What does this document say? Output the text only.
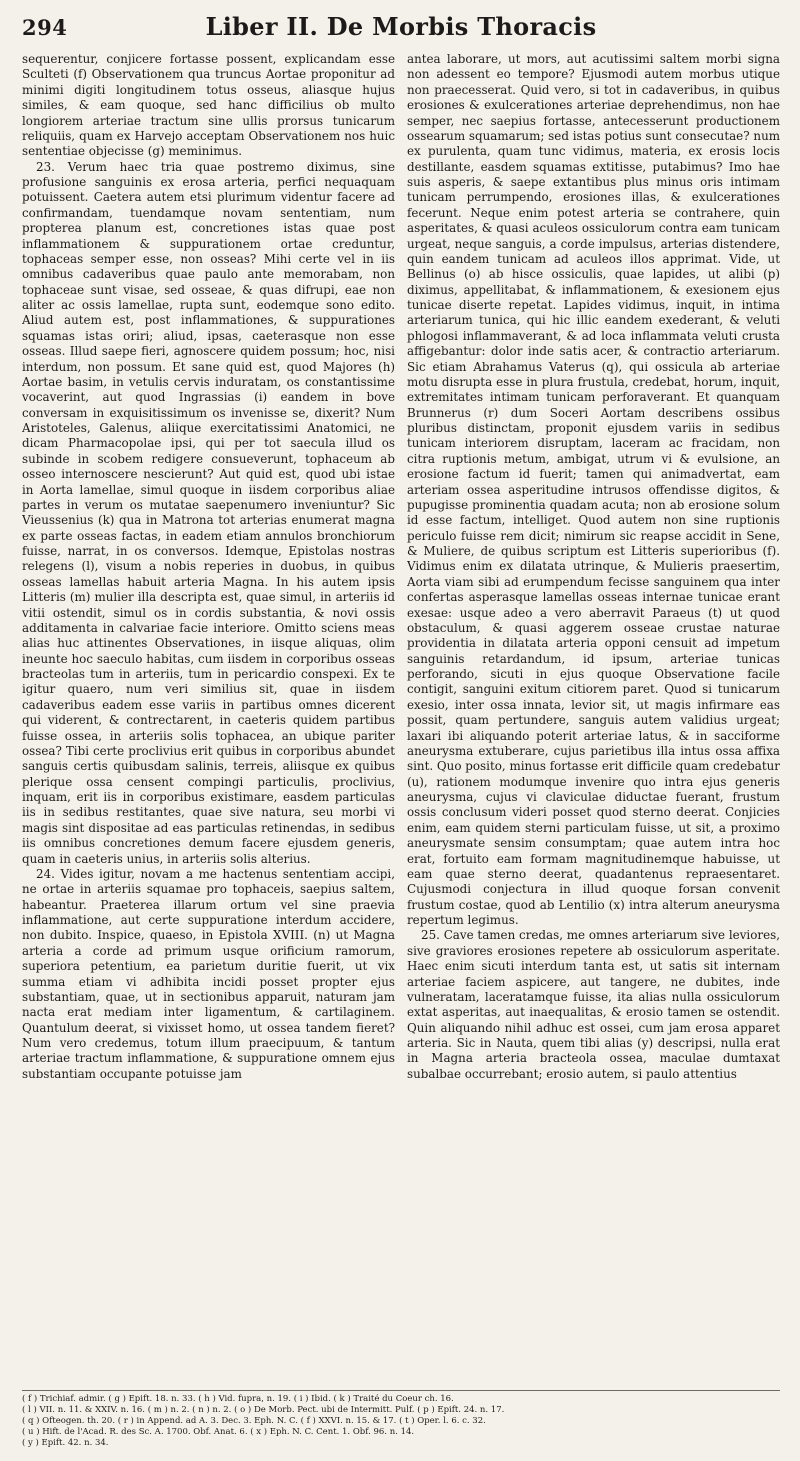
294	Liber II. De Morbis Thoracis

sequerentur, conjicere fortasse possent, explicandam esse Sculteti (f) Observationem qua truncus Aortae proponitur ad minimi digiti longitudinem totus osseus, aliasque hujus similes, & eam quoque, sed hanc difficilius ob multo longiorem arteriae tractum sine ullis prorsus tunicarum reliquiis, quam ex Harvejo acceptam Observationem nos huic sententiae objecisse (g) meminimus.

23. Verum haec tria quae postremo diximus, sine profusione sanguinis ex erosa arteria, perfici nequaquam potuissent. Caetera autem etsi plurimum videntur facere ad confirmandam, tuendamque novam sententiam, num propterea planum est, concretiones istas quae post inflammationem & suppurationem ortae creduntur, tophaceas semper esse, non osseas? Mihi certe vel in iis omnibus cadaveribus quae paulo ante memorabam, non tophaceae sunt visae, sed osseae, & quas difrupi, eae non aliter ac ossis lamellae, rupta sunt, eodemque sono edito. Aliud autem est, post inflammationes, & suppurationes squamas istas oriri; aliud, ipsas, caeterasque non esse osseas. Illud saepe fieri, agnoscere quidem possum; hoc, nisi interdum, non possum. Et sane quid est, quod Majores (h) Aortae basim, in vetulis cervis induratam, os constantissime vocaverint, aut quod Ingrassias (i) eandem in bove conversam in exquisitissimum os invenisse se, dixerit? Num Aristoteles, Galenus, aliique exercitatissimi Anatomici, ne dicam Pharmacopolae ipsi, qui per tot saecula illud os subinde in scobem redigere consueverunt, tophaceum ab osseo internoscere nescierunt? Aut quid est, quod ubi istae in Aorta lamellae, simul quoque in iisdem corporibus aliae partes in verum os mutatae saepenumero inveniuntur? Sic Vieussenius (k) qua in Matrona tot arterias enumerat magna ex parte osseas factas, in eadem etiam annulos bronchiorum fuisse, narrat, in os conversos. Idemque, Epistolas nostras relegens (l), visum a nobis reperies in duobus, in quibus osseas lamellas habuit arteria Magna. In his autem ipsis Litteris (m) mulier illa descripta est, quae simul, in arteriis id vitii ostendit, simul os in cordis substantia, & novi ossis additamenta in calvariae facie interiore. Omitto sciens meas alias huc attinentes Observationes, in iisque aliquas, olim ineunte hoc saeculo habitas, cum iisdem in corporibus osseas bracteolas tum in arteriis, tum in pericardio conspexi. Ex te igitur quaero, num veri similius sit, quae in iisdem cadaveribus eadem esse variis in partibus omnes dicerent qui viderent, & contrectarent, in caeteris quidem partibus fuisse ossea, in arteriis solis tophacea, an ubique pariter ossea? Tibi certe proclivius erit quibus in corporibus abundet sanguis certis quibusdam salinis, terreis, aliisque ex quibus plerique ossa censent compingi particulis, proclivius, inquam, erit iis in corporibus existimare, easdem particulas iis in sedibus restitantes, quae sive natura, seu morbi vi magis sint dispositae ad eas particulas retinendas, in sedibus iis omnibus concretiones demum facere ejusdem generis, quam in caeteris unius, in arteriis solis alterius.

24. Vides igitur, novam a me hactenus sententiam accipi, ne ortae in arteriis squamae pro tophaceis, saepius saltem, habeantur. Praeterea illarum ortum vel sine praevia inflammatione, aut certe suppuratione interdum accidere, non dubito. Inspice, quaeso, in Epistola XVIII. (n) ut Magna arteria a corde ad primum usque orificium ramorum, superiora petentium, ea parietum duritie fuerit, ut vix summa etiam vi adhibita incidi posset propter ejus substantiam, quae, ut in sectionibus apparuit, naturam jam nacta erat mediam inter ligamentum, & cartilaginem. Quantulum deerat, si vixisset homo, ut ossea tandem fieret? Num vero credemus, totum illum praecipuum, & tantum arteriae tractum inflammatione, & suppuratione omnem ejus substantiam occupante potuisse jam

antea laborare, ut mors, aut acutissimi saltem morbi signa non adessent eo tempore? Ejusmodi autem morbus utique non praecesserat. Quid vero, si tot in cadaveribus, in quibus erosiones & exulcerationes arteriae deprehendimus, non hae semper, nec saepius fortasse, antecesserunt productionem ossearum squamarum; sed istas potius sunt consecutae? num ex purulenta, quam tunc vidimus, materia, ex erosis locis destillante, easdem squamas extitisse, putabimus? Imo hae suis asperis, & saepe extantibus plus minus oris intimam tunicam perrumpendo, erosiones illas, & exulcerationes fecerunt. Neque enim potest arteria se contrahere, quin asperitates, & quasi aculeos ossiculorum contra eam tunicam urgeat, neque sanguis, a corde impulsus, arterias distendere, quin eandem tunicam ad aculeos illos apprimat. Vide, ut Bellinus (o) ab hisce ossiculis, quae lapides, ut alibi (p) diximus, appellitabat, & inflammationem, & exesionem ejus tunicae diserte repetat. Lapides vidimus, inquit, in intima arteriarum tunica, qui hic illic eandem exederant, & veluti phlogosi inflammaverant, & ad loca inflammata veluti crusta affigebantur: dolor inde satis acer, & contractio arteriarum. Sic etiam Abrahamus Vaterus (q), qui ossicula ab arteriae motu disrupta esse in plura frustula, credebat, horum, inquit, extremitates intimam tunicam perforaverant. Et quanquam Brunnerus (r) dum Soceri Aortam describens ossibus pluribus distinctam, proponit ejusdem variis in sedibus tunicam interiorem disruptam, laceram ac fracidam, non citra ruptionis metum, ambigat, utrum vi & evulsione, an erosione factum id fuerit; tamen qui animadvertat, eam arteriam ossea asperitudine intrusos offendisse digitos, & pupugisse prominentia quadam acuta; non ab erosione solum id esse factum, intelliget. Quod autem non sine ruptionis periculo fuisse rem dicit; nimirum sic reapse accidit in Sene, & Muliere, de quibus scriptum est Litteris superioribus (f). Vidimus enim ex dilatata utrinque, & Mulieris praesertim, Aorta viam sibi ad erumpendum fecisse sanguinem qua inter confertas asperasque lamellas osseas internae tunicae erant exesae: usque adeo a vero aberravit Paraeus (t) ut quod obstaculum, & quasi aggerem osseae crustae naturae providentia in dilatata arteria opponi censuit ad impetum sanguinis retardandum, id ipsum, arteriae tunicas perforando, sicuti in ejus quoque Observatione facile contigit, sanguini exitum citiorem paret. Quod si tunicarum exesio, inter ossa innata, levior sit, ut magis infirmare eas possit, quam pertundere, sanguis autem validius urgeat; laxari ibi aliquando poterit arteriae latus, & in sacciforme aneurysma extuberare, cujus parietibus illa intus ossa affixa sint. Quo posito, minus fortasse erit difficile quam credebatur (u), rationem modumque invenire quo intra ejus generis aneurysma, cujus vi claviculae diductae fuerant, frustum ossis conclusum videri posset quod sterno deerat. Conjicies enim, eam quidem sterni particulam fuisse, ut sit, a proximo aneurysmate sensim consumptam; quae autem intra hoc erat, fortuito eam formam magnitudinemque habuisse, ut eam quae sterno deerat, quadantenus repraesentaret. Cujusmodi conjectura in illud quoque forsan convenit frustum costae, quod ab Lentilio (x) intra alterum aneurysma repertum legimus.

25. Cave tamen credas, me omnes arteriarum sive leviores, sive graviores erosiones repetere ab ossiculorum asperitate. Haec enim sicuti interdum tanta est, ut satis sit internam arteriae faciem aspicere, aut tangere, ne dubites, inde vulneratam, laceratamque fuisse, ita alias nulla ossiculorum extat asperitas, aut inaequalitas, & erosio tamen se ostendit. Quin aliquando nihil adhuc est ossei, cum jam erosa apparet arteria. Sic in Nauta, quem tibi alias (y) descripsi, nulla erat in Magna arteria bracteola ossea, maculae dumtaxat subalbae occurrebant; erosio autem, si paulo attentius

( f ) Trichiaf. admir. ( g ) Epift. 18. n. 33. ( h ) Vid. fupra, n. 19. ( i ) Ibid. ( k ) Traité du Coeur ch. 16.
( l ) VII. n. 11. & XXIV. n. 16. ( m ) n. 2. ( n ) n. 2. ( o ) De Morb. Pect. ubi de Intermitt. Pulf. ( p ) Epift. 24. n. 17.
( q ) Ofteogen. th. 20. ( r ) in Append. ad A. 3. Dec. 3. Eph. N. C. ( f ) XXVI. n. 15. & 17. ( t ) Oper. l. 6. c. 32.
( u ) Hift. de l'Acad. R. des Sc. A. 1700. Obf. Anat. 6. ( x ) Eph. N. C. Cent. 1. Obf. 96. n. 14.
( y ) Epift. 42. n. 34.
